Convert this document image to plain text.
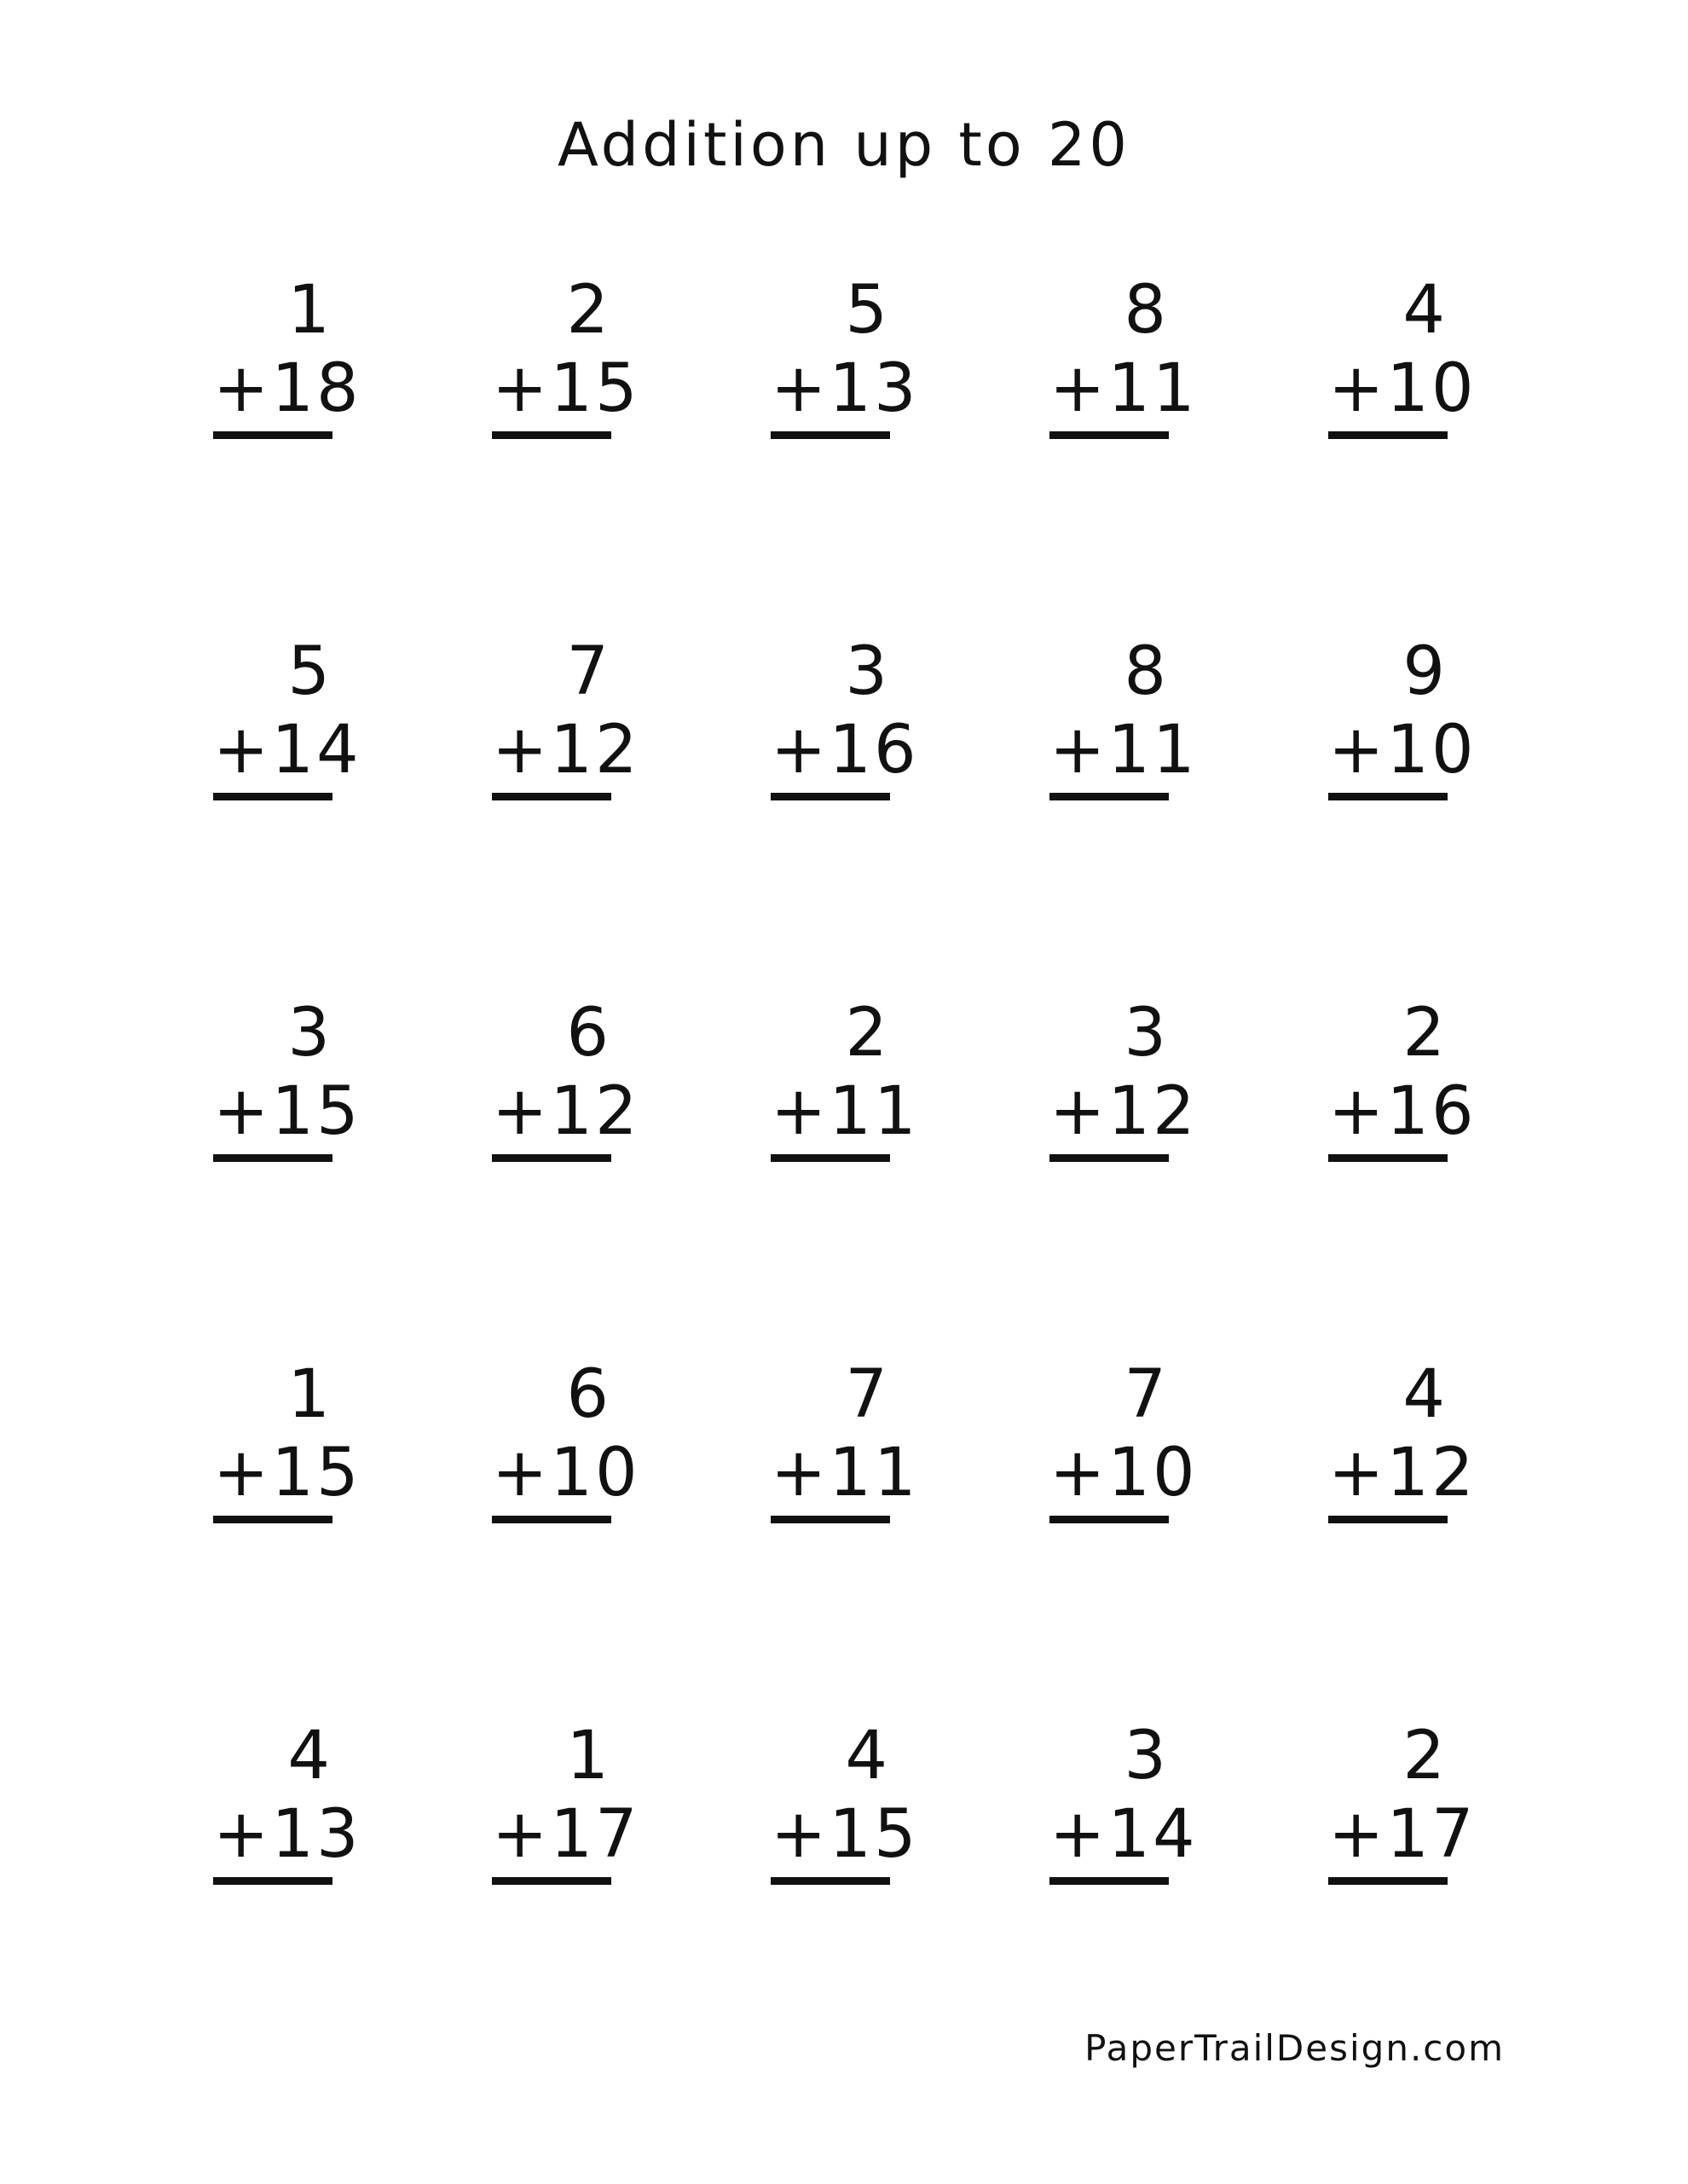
Addition up to 20
1
+18
2
+15
5
+13
8
+11
4
+10
5
+14
7
+12
3
+16
8
+11
9
+10
3
+15
6
+12
2
+11
3
+12
2
+16
1
+15
6
+10
7
+11
7
+10
4
+12
4
+13
1
+17
4
+15
3
+14
2
+17
PaperTrailDesign.com
